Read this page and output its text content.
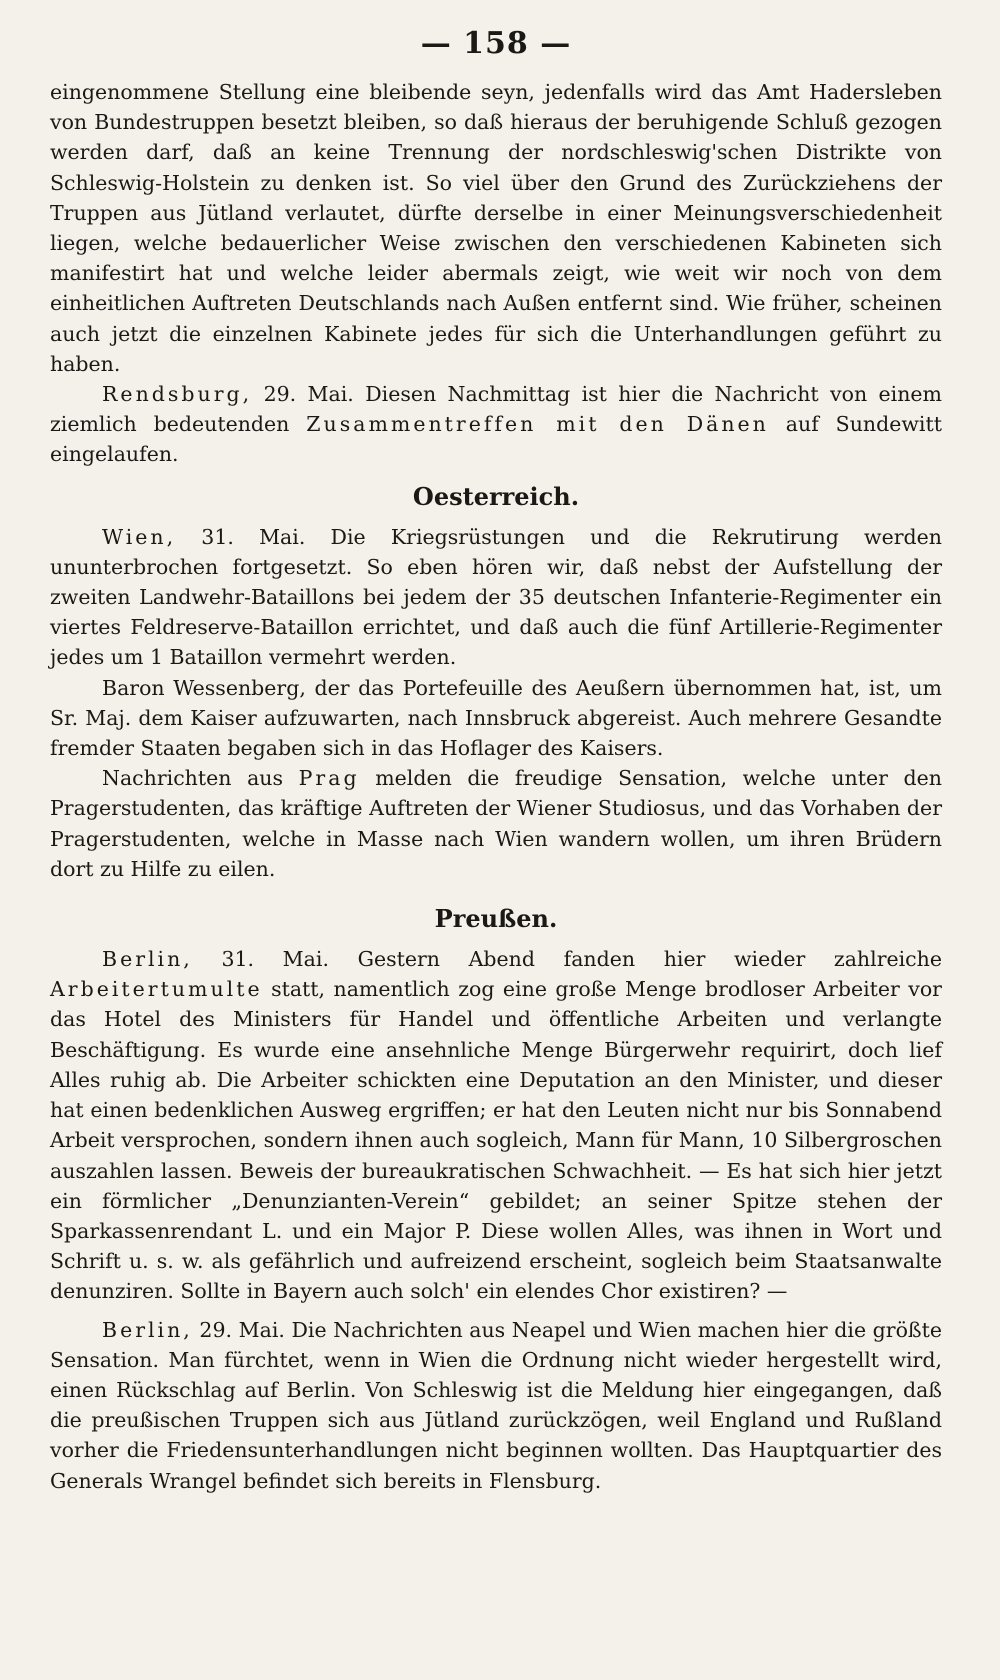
— 158 —

eingenommene Stellung eine bleibende seyn, jedenfalls wird das Amt Hadersleben von Bundestruppen besetzt bleiben, so daß hieraus der beruhigende Schluß gezogen werden darf, daß an keine Trennung der nordschleswig'schen Distrikte von Schleswig-Holstein zu denken ist. So viel über den Grund des Zurückziehens der Truppen aus Jütland verlautet, dürfte derselbe in einer Meinungsverschiedenheit liegen, welche bedauerlicher Weise zwischen den verschiedenen Kabineten sich manifestirt hat und welche leider abermals zeigt, wie weit wir noch von dem einheitlichen Auftreten Deutschlands nach Außen entfernt sind. Wie früher, scheinen auch jetzt die einzelnen Kabinete jedes für sich die Unterhandlungen geführt zu haben.

Rendsburg, 29. Mai. Diesen Nachmittag ist hier die Nachricht von einem ziemlich bedeutenden Zusammentreffen mit den Dänen auf Sundewitt eingelaufen.

Oesterreich.

Wien, 31. Mai. Die Kriegsrüstungen und die Rekrutirung werden ununterbrochen fortgesetzt. So eben hören wir, daß nebst der Aufstellung der zweiten Landwehr-Bataillons bei jedem der 35 deutschen Infanterie-Regimenter ein viertes Feldreserve-Bataillon errichtet, und daß auch die fünf Artillerie-Regimenter jedes um 1 Bataillon vermehrt werden.

Baron Wessenberg, der das Portefeuille des Aeußern übernommen hat, ist, um Sr. Maj. dem Kaiser aufzuwarten, nach Innsbruck abgereist. Auch mehrere Gesandte fremder Staaten begaben sich in das Hoflager des Kaisers.

Nachrichten aus Prag melden die freudige Sensation, welche unter den Pragerstudenten, das kräftige Auftreten der Wiener Studiosus, und das Vorhaben der Pragerstudenten, welche in Masse nach Wien wandern wollen, um ihren Brüdern dort zu Hilfe zu eilen.

Preußen.

Berlin, 31. Mai. Gestern Abend fanden hier wieder zahlreiche Arbeitertumulte statt, namentlich zog eine große Menge brodloser Arbeiter vor das Hotel des Ministers für Handel und öffentliche Arbeiten und verlangte Beschäftigung. Es wurde eine ansehnliche Menge Bürgerwehr requirirt, doch lief Alles ruhig ab. Die Arbeiter schickten eine Deputation an den Minister, und dieser hat einen bedenklichen Ausweg ergriffen; er hat den Leuten nicht nur bis Sonnabend Arbeit versprochen, sondern ihnen auch sogleich, Mann für Mann, 10 Silbergroschen auszahlen lassen. Beweis der bureaukratischen Schwachheit. — Es hat sich hier jetzt ein förmlicher „Denunzianten-Verein“ gebildet; an seiner Spitze stehen der Sparkassenrendant L. und ein Major P. Diese wollen Alles, was ihnen in Wort und Schrift u. s. w. als gefährlich und aufreizend erscheint, sogleich beim Staatsanwalte denunziren. Sollte in Bayern auch solch' ein elendes Chor existiren? —

Berlin, 29. Mai. Die Nachrichten aus Neapel und Wien machen hier die größte Sensation. Man fürchtet, wenn in Wien die Ordnung nicht wieder hergestellt wird, einen Rückschlag auf Berlin. Von Schleswig ist die Meldung hier eingegangen, daß die preußischen Truppen sich aus Jütland zurückzögen, weil England und Rußland vorher die Friedensunterhandlungen nicht beginnen wollten. Das Hauptquartier des Generals Wrangel befindet sich bereits in Flensburg.
